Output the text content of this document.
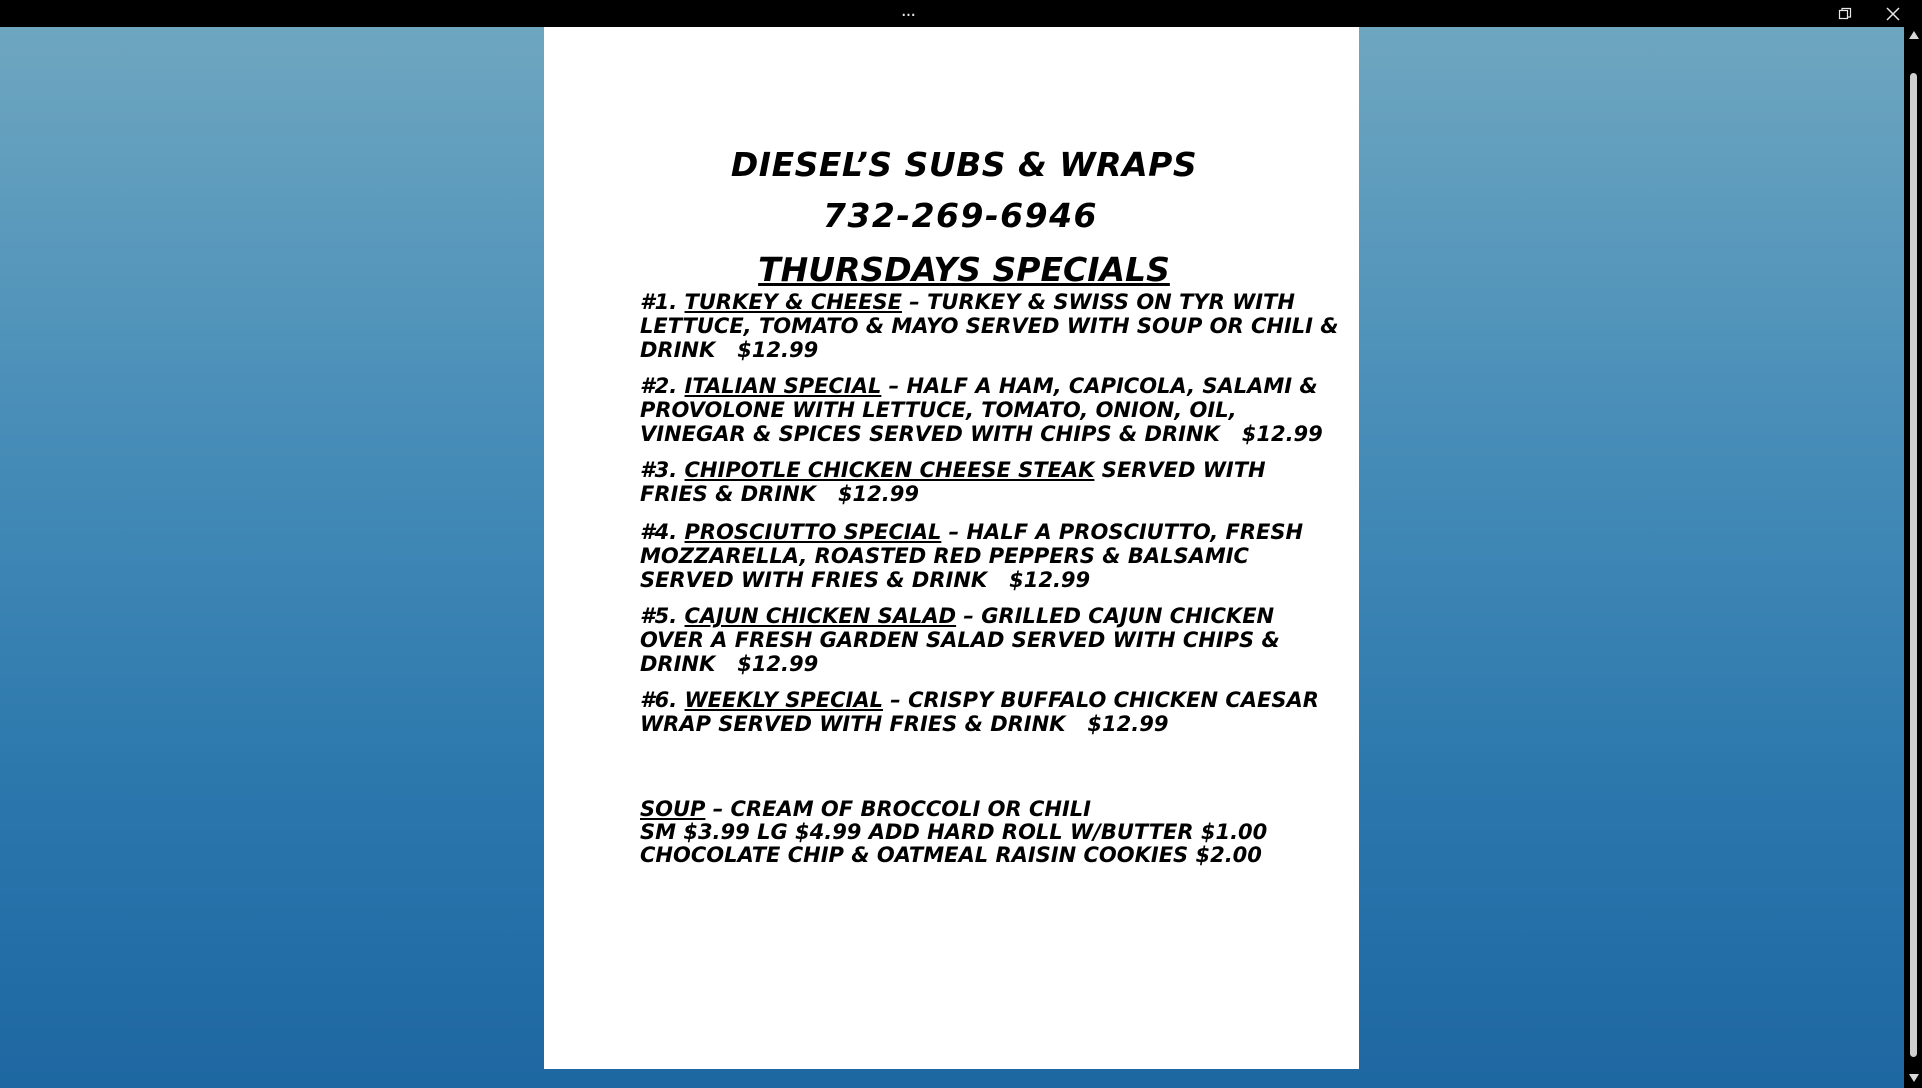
...
DIESEL’S SUBS & WRAPS
732-269-6946
THURSDAYS SPECIALS
#1. TURKEY & CHEESE – TURKEY & SWISS ON TYR WITH LETTUCE, TOMATO & MAYO SERVED WITH SOUP OR CHILI & DRINK $12.99
#2. ITALIAN SPECIAL – HALF A HAM, CAPICOLA, SALAMI & PROVOLONE WITH LETTUCE, TOMATO, ONION, OIL, VINEGAR & SPICES SERVED WITH CHIPS & DRINK $12.99
#3. CHIPOTLE CHICKEN CHEESE STEAK SERVED WITH FRIES & DRINK $12.99
#4. PROSCIUTTO SPECIAL – HALF A PROSCIUTTO, FRESH MOZZARELLA, ROASTED RED PEPPERS & BALSAMIC SERVED WITH FRIES & DRINK $12.99
#5. CAJUN CHICKEN SALAD – GRILLED CAJUN CHICKEN OVER A FRESH GARDEN SALAD SERVED WITH CHIPS & DRINK $12.99
#6. WEEKLY SPECIAL – CRISPY BUFFALO CHICKEN CAESAR WRAP SERVED WITH FRIES & DRINK $12.99
SOUP – CREAM OF BROCCOLI OR CHILI
SM $3.99 LG $4.99 ADD HARD ROLL W/BUTTER $1.00
CHOCOLATE CHIP & OATMEAL RAISIN COOKIES $2.00
